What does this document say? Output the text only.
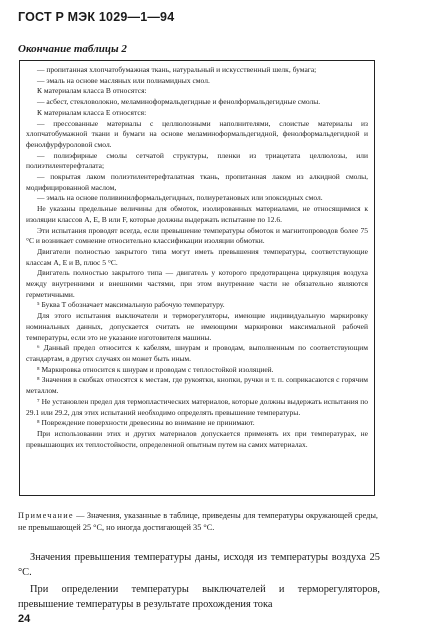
ГОСТ Р МЭК 1029—1—94
Окончание таблицы 2

— пропитанная хлопчатобумажная ткань, натуральный и искусственный шелк, бумага;

— эмаль на основе масляных или полиамидных смол.

К материалам класса B относятся:

— асбест, стекловолокно, меламиноформальдегидные и фенолформальдегидные смолы.

К материалам класса E относятся:

— прессованные материалы с целлюлозными наполнителями, слоистые материалы из хлопчатобумажной ткани и бумаги на основе меламиноформальдегидной, фенолформальдегидной и фенолфурфуроловой смол.

— полиэфирные смолы сетчатой структуры, пленки из триацетата целлюлозы, или полиэтилентерефталата;

— покрытая лаком полиэтилентерефталатная ткань, пропитанная лаком из алкидной смолы, модифицированной маслом,

— эмаль на основе поливинилформальдегидных, полиуретановых или эпоксидных смол.

Не указаны предельные величины для обмоток, изолированных материалами, не относящимися к изоляции классов A, E, B или F, которые должны выдержать испытание по 12.6.

Эти испытания проводят всегда, если превышение температуры обмоток и магнитопроводов более 75 °C и возникает сомнение относительно классификации изоляции обмотки.

Двигатели полностью закрытого типа могут иметь превышения температуры, соответствующие классам A, E и B, плюс 5 °C.

Двигатель полностью закрытого типа — двигатель у которого предотвращена циркуляция воздуха между внутренними и внешними частями, при этом внутренние части не обязательно являются герметичными.

⁵ Буква T обозначает максимальную рабочую температуру.

Для этого испытания выключатели и терморегуляторы, имеющие индивидуальную маркировку номинальных данных, допускается считать не имеющими маркировки максимальной рабочей температуры, если это не указание изготовителя машины.

⁶ Данный предел относится к кабелям, шнурам и проводам, выполненным по соответствующим стандартам, в других случаях он может быть иным.

⁸ Маркировка относится к шнурам и проводам с теплостойкой изоляцией.

⁸ Значения в скобках относятся к местам, где рукоятки, кнопки, ручки и т. п. соприкасаются с горячим металлом.

⁷ Не установлен предел для термопластических материалов, которые должны выдержать испытания по 29.1 или 29.2, для этих испытаний необходимо определять превышение температуры.

⁸ Повреждение поверхности древесины во внимание не принимают.

При использовании этих и других материалов допускается применять их при температурах, не превышающих их теплостойкости, определенной опытным путем на самих материалах.

Примечание — Значения, указанные в таблице, приведены для температуры окружающей среды, не превышающей 25 °C, но иногда достигающей 35 °C.

Значения превышения температуры даны, исходя из температуры воздуха 25 °C.

При определении температуры выключателей и терморегуляторов, превышение температуры в результате прохождения тока

24
